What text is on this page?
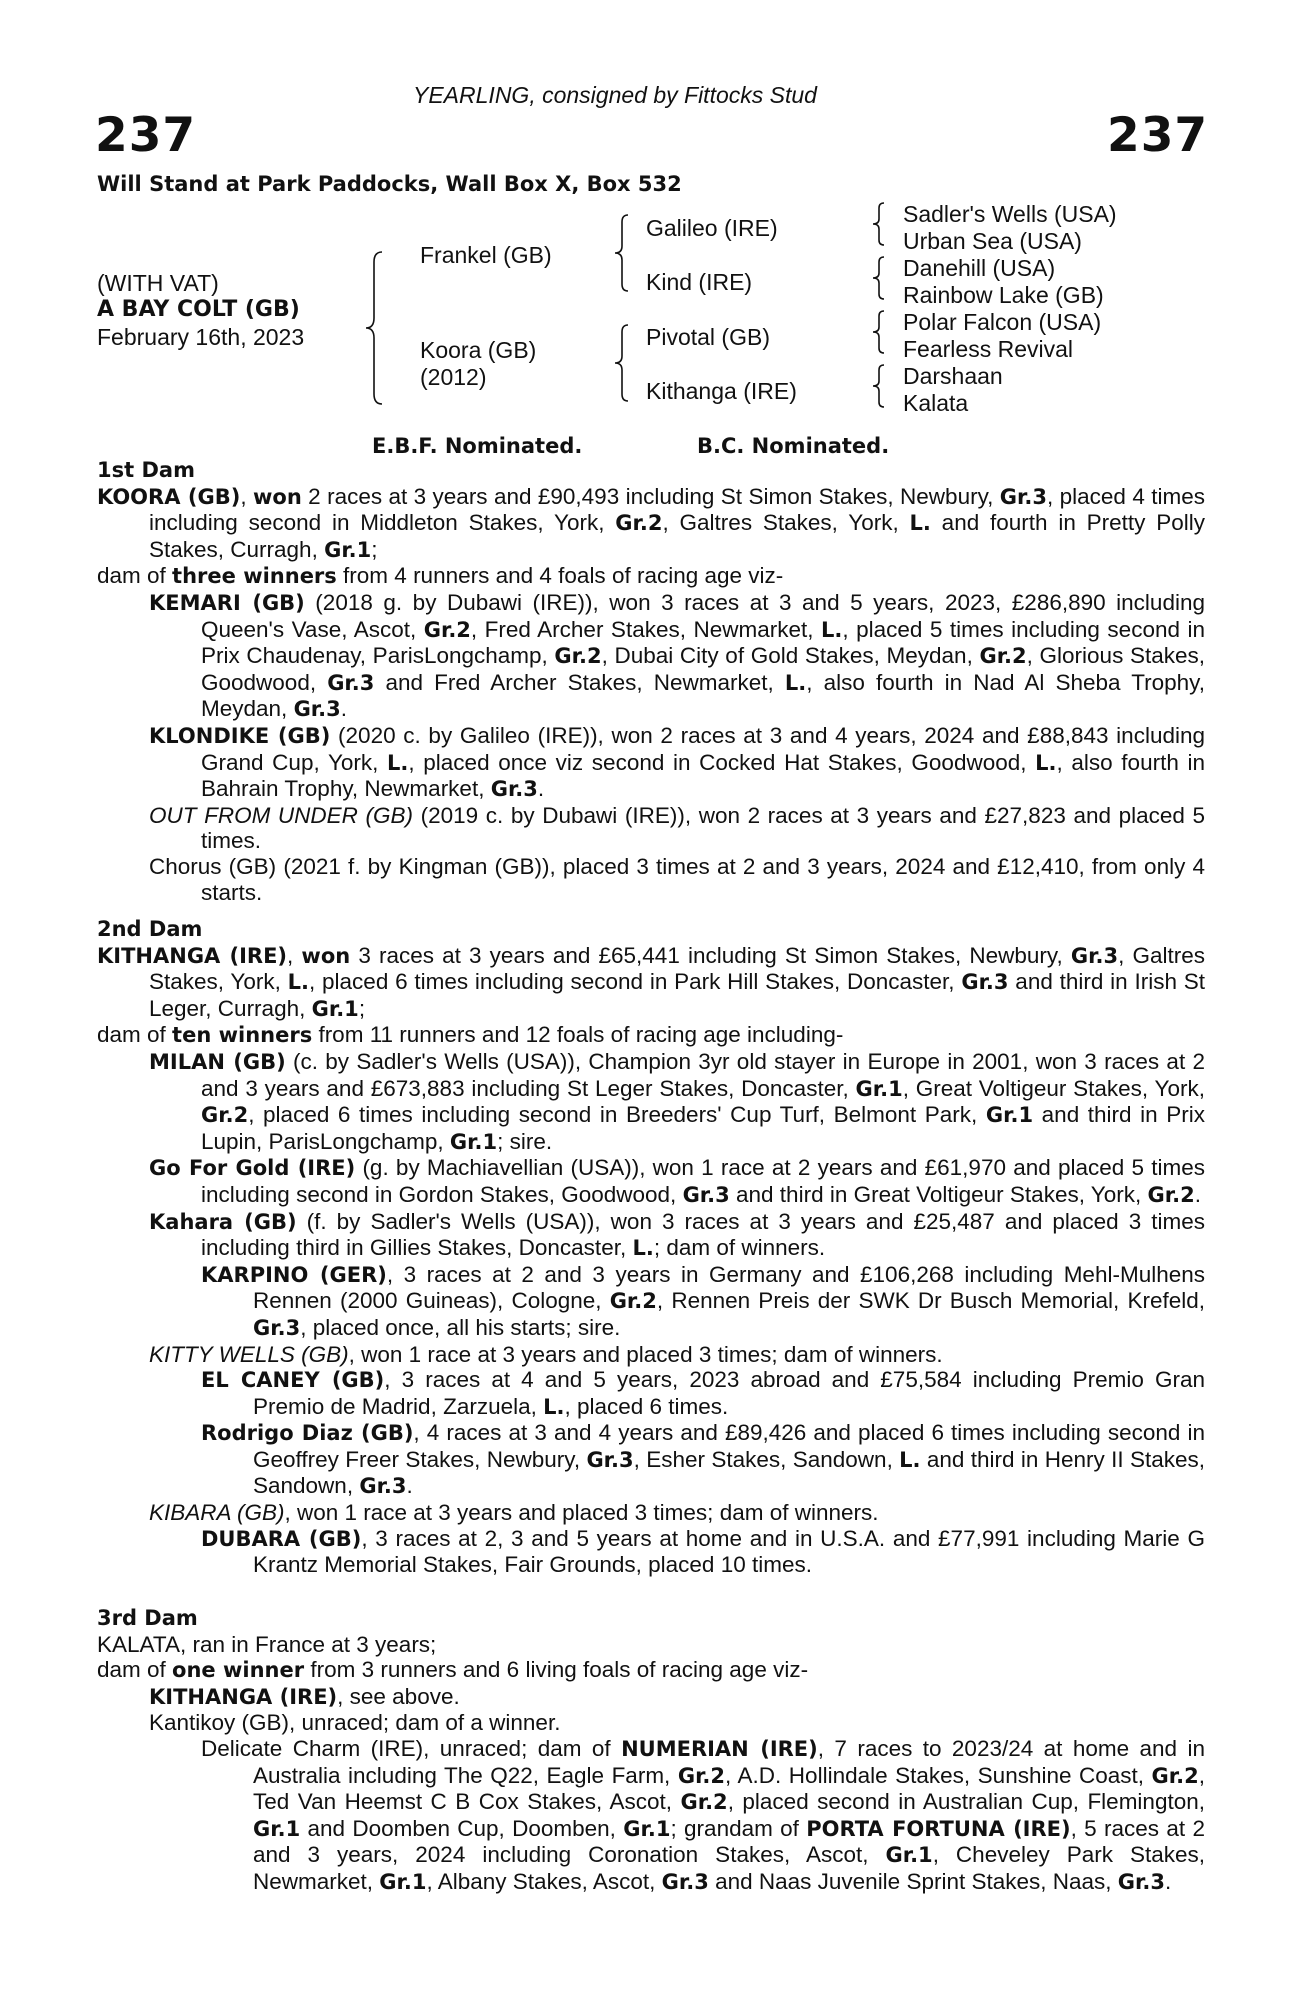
YEARLING, consigned by Fittocks Stud
237	237
Will Stand at Park Paddocks, Wall Box X, Box 532
(WITH VAT)
A BAY COLT (GB)
February 16th, 2023
Frankel (GB)
Koora (GB)
(2012)
Galileo (IRE)
Kind (IRE)
Pivotal (GB)
Kithanga (IRE)
Sadler's Wells (USA)
Urban Sea (USA)
Danehill (USA)
Rainbow Lake (GB)
Polar Falcon (USA)
Fearless Revival
Darshaan
Kalata
E.B.F. Nominated.	B.C. Nominated.

1st Dam

KOORA (GB), won 2 races at 3 years and £90,493 including St Simon Stakes, Newbury, Gr.3, placed 4 times including second in Middleton Stakes, York, Gr.2, Galtres Stakes, York, L. and fourth in Pretty Polly Stakes, Curragh, Gr.1;

dam of three winners from 4 runners and 4 foals of racing age viz-

KEMARI (GB) (2018 g. by Dubawi (IRE)), won 3 races at 3 and 5 years, 2023, £286,890 including Queen's Vase, Ascot, Gr.2, Fred Archer Stakes, Newmarket, L., placed 5 times including second in Prix Chaudenay, ParisLongchamp, Gr.2, Dubai City of Gold Stakes, Meydan, Gr.2, Glorious Stakes, Goodwood, Gr.3 and Fred Archer Stakes, Newmarket, L., also fourth in Nad Al Sheba Trophy, Meydan, Gr.3.

KLONDIKE (GB) (2020 c. by Galileo (IRE)), won 2 races at 3 and 4 years, 2024 and £88,843 including Grand Cup, York, L., placed once viz second in Cocked Hat Stakes, Goodwood, L., also fourth in Bahrain Trophy, Newmarket, Gr.3.

OUT FROM UNDER (GB) (2019 c. by Dubawi (IRE)), won 2 races at 3 years and £27,823 and placed 5 times.

Chorus (GB) (2021 f. by Kingman (GB)), placed 3 times at 2 and 3 years, 2024 and £12,410, from only 4 starts.

2nd Dam

KITHANGA (IRE), won 3 races at 3 years and £65,441 including St Simon Stakes, Newbury, Gr.3, Galtres Stakes, York, L., placed 6 times including second in Park Hill Stakes, Doncaster, Gr.3 and third in Irish St Leger, Curragh, Gr.1;

dam of ten winners from 11 runners and 12 foals of racing age including-

MILAN (GB) (c. by Sadler's Wells (USA)), Champion 3yr old stayer in Europe in 2001, won 3 races at 2 and 3 years and £673,883 including St Leger Stakes, Doncaster, Gr.1, Great Voltigeur Stakes, York, Gr.2, placed 6 times including second in Breeders' Cup Turf, Belmont Park, Gr.1 and third in Prix Lupin, ParisLongchamp, Gr.1; sire.

Go For Gold (IRE) (g. by Machiavellian (USA)), won 1 race at 2 years and £61,970 and placed 5 times including second in Gordon Stakes, Goodwood, Gr.3 and third in Great Voltigeur Stakes, York, Gr.2.

Kahara (GB) (f. by Sadler's Wells (USA)), won 3 races at 3 years and £25,487 and placed 3 times including third in Gillies Stakes, Doncaster, L.; dam of winners.

KARPINO (GER), 3 races at 2 and 3 years in Germany and £106,268 including Mehl-Mulhens Rennen (2000 Guineas), Cologne, Gr.2, Rennen Preis der SWK Dr Busch Memorial, Krefeld, Gr.3, placed once, all his starts; sire.

KITTY WELLS (GB), won 1 race at 3 years and placed 3 times; dam of winners.

EL CANEY (GB), 3 races at 4 and 5 years, 2023 abroad and £75,584 including Premio Gran Premio de Madrid, Zarzuela, L., placed 6 times.

Rodrigo Diaz (GB), 4 races at 3 and 4 years and £89,426 and placed 6 times including second in Geoffrey Freer Stakes, Newbury, Gr.3, Esher Stakes, Sandown, L. and third in Henry II Stakes, Sandown, Gr.3.

KIBARA (GB), won 1 race at 3 years and placed 3 times; dam of winners.

DUBARA (GB), 3 races at 2, 3 and 5 years at home and in U.S.A. and £77,991 including Marie G Krantz Memorial Stakes, Fair Grounds, placed 10 times.

3rd Dam

KALATA, ran in France at 3 years;

dam of one winner from 3 runners and 6 living foals of racing age viz-

KITHANGA (IRE), see above.

Kantikoy (GB), unraced; dam of a winner.

Delicate Charm (IRE), unraced; dam of NUMERIAN (IRE), 7 races to 2023/24 at home and in Australia including The Q22, Eagle Farm, Gr.2, A.D. Hollindale Stakes, Sunshine Coast, Gr.2, Ted Van Heemst C B Cox Stakes, Ascot, Gr.2, placed second in Australian Cup, Flemington, Gr.1 and Doomben Cup, Doomben, Gr.1; grandam of PORTA FORTUNA (IRE), 5 races at 2 and 3 years, 2024 including Coronation Stakes, Ascot, Gr.1, Cheveley Park Stakes, Newmarket, Gr.1, Albany Stakes, Ascot, Gr.3 and Naas Juvenile Sprint Stakes, Naas, Gr.3.
